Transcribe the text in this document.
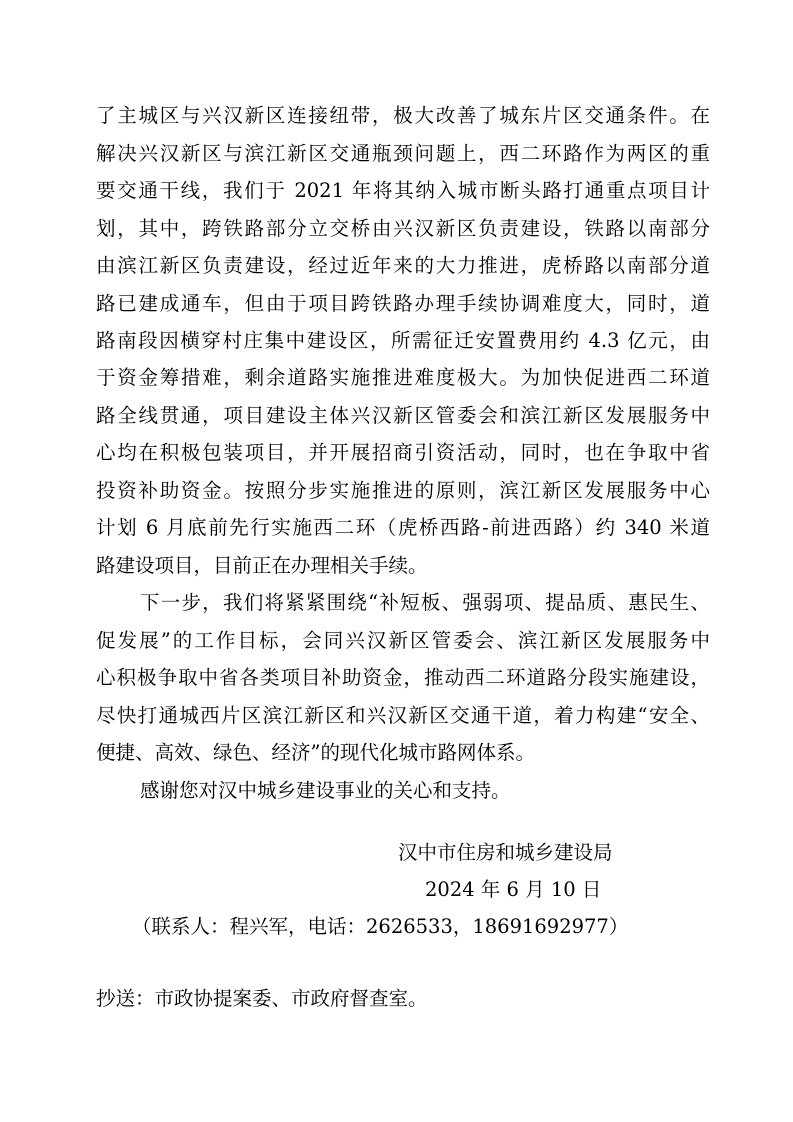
了主城区与兴汉新区连接纽带，极大改善了城东片区交通条件。在
解决兴汉新区与滨江新区交通瓶颈问题上，西二环路作为两区的重
要交通干线，我们于 2021 年将其纳入城市断头路打通重点项目计
划，其中，跨铁路部分立交桥由兴汉新区负责建设，铁路以南部分
由滨江新区负责建设，经过近年来的大力推进，虎桥路以南部分道
路已建成通车，但由于项目跨铁路办理手续协调难度大，同时，道
路南段因横穿村庄集中建设区，所需征迁安置费用约 4.3 亿元，由
于资金筹措难，剩余道路实施推进难度极大。为加快促进西二环道
路全线贯通，项目建设主体兴汉新区管委会和滨江新区发展服务中
心均在积极包装项目，并开展招商引资活动，同时，也在争取中省
投资补助资金。按照分步实施推进的原则，滨江新区发展服务中心
计划 6 月底前先行实施西二环（虎桥西路-前进西路）约 340 米道
路建设项目，目前正在办理相关手续。
下一步，我们将紧紧围绕“补短板、强弱项、提品质、惠民生、
促发展”的工作目标，会同兴汉新区管委会、滨江新区发展服务中
心积极争取中省各类项目补助资金，推动西二环道路分段实施建设，
尽快打通城西片区滨江新区和兴汉新区交通干道，着力构建“安全、
便捷、高效、绿色、经济”的现代化城市路网体系。
感谢您对汉中城乡建设事业的关心和支持。
汉中市住房和城乡建设局
2024 年 6 月 10 日
（联系人：程兴军，电话：2626533，18691692977）
抄送：市政协提案委、市政府督查室。
